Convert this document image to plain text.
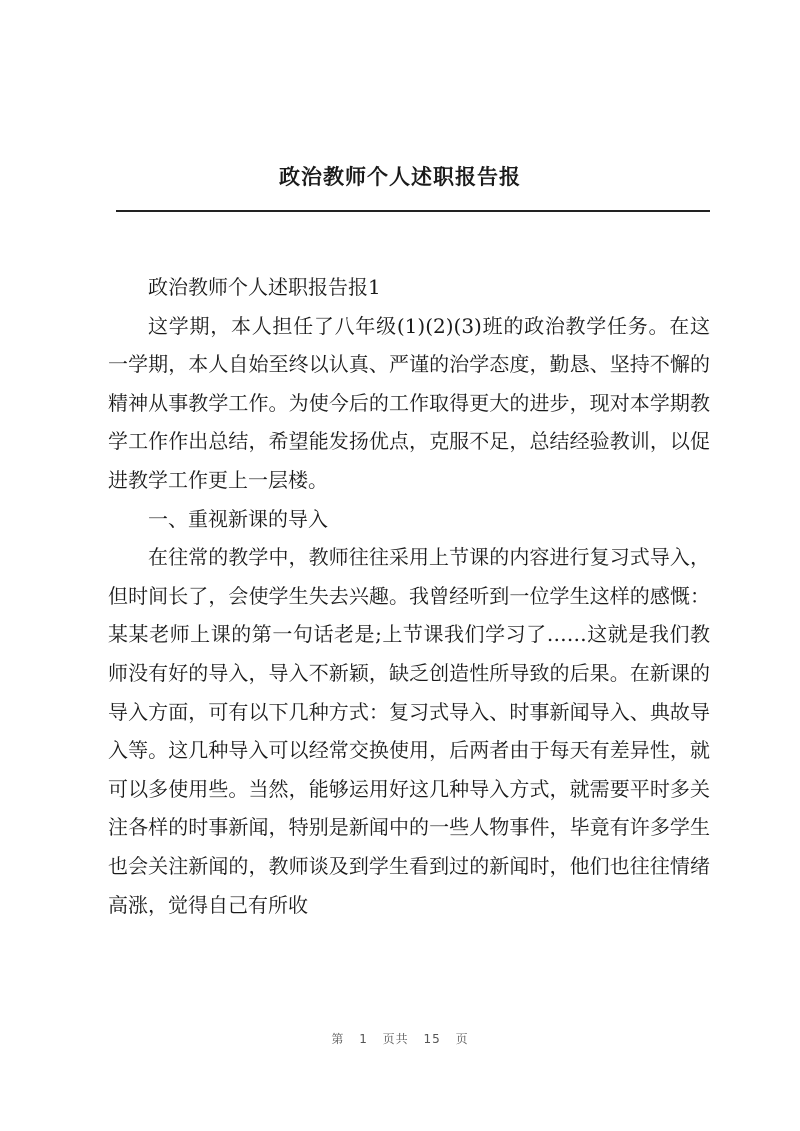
政治教师个人述职报告报

政治教师个人述职报告报1

这学期，本人担任了八年级(1)(2)(3)班的政治教学任务。在这一学期，本人自始至终以认真、严谨的治学态度，勤恳、坚持不懈的精神从事教学工作。为使今后的工作取得更大的进步，现对本学期教学工作作出总结，希望能发扬优点，克服不足，总结经验教训，以促进教学工作更上一层楼。

一、重视新课的导入

在往常的教学中，教师往往采用上节课的内容进行复习式导入，但时间长了，会使学生失去兴趣。我曾经听到一位学生这样的感慨：某某老师上课的第一句话老是;上节课我们学习了……这就是我们教师没有好的导入，导入不新颖，缺乏创造性所导致的后果。在新课的导入方面，可有以下几种方式：复习式导入、时事新闻导入、典故导入等。这几种导入可以经常交换使用，后两者由于每天有差异性，就可以多使用些。当然，能够运用好这几种导入方式，就需要平时多关注各样的时事新闻，特别是新闻中的一些人物事件，毕竟有许多学生也会关注新闻的，教师谈及到学生看到过的新闻时，他们也往往情绪高涨，觉得自己有所收

第 1 页共 15 页
